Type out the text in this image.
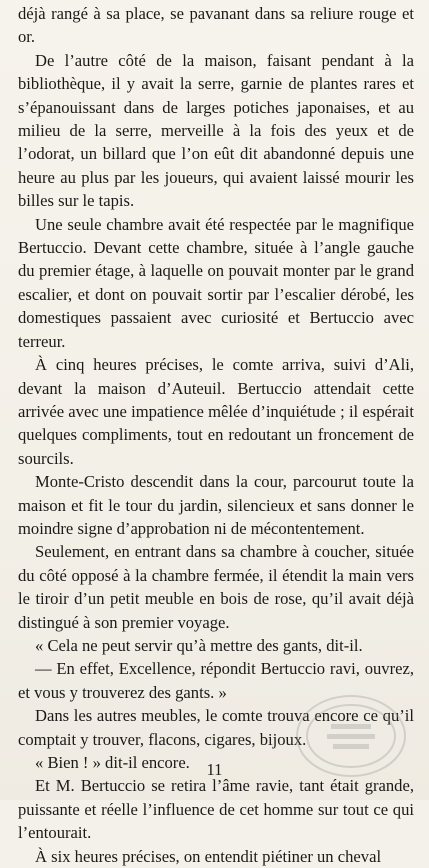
déjà rangé à sa place, se pavanant dans sa reliure rouge et or.

De l’autre côté de la maison, faisant pendant à la bibliothèque, il y avait la serre, garnie de plantes rares et s’épanouissant dans de larges potiches japonaises, et au milieu de la serre, merveille à la fois des yeux et de l’odorat, un billard que l’on eût dit abandonné depuis une heure au plus par les joueurs, qui avaient laissé mourir les billes sur le tapis.

Une seule chambre avait été respectée par le magnifique Bertuccio. Devant cette chambre, située à l’angle gauche du premier étage, à laquelle on pouvait monter par le grand escalier, et dont on pouvait sortir par l’escalier dérobé, les domestiques passaient avec curiosité et Bertuccio avec terreur.

À cinq heures précises, le comte arriva, suivi d’Ali, devant la maison d’Auteuil. Bertuccio attendait cette arrivée avec une impatience mêlée d’inquiétude ; il espérait quelques compliments, tout en redoutant un froncement de sourcils.

Monte-Cristo descendit dans la cour, parcourut toute la maison et fit le tour du jardin, silencieux et sans donner le moindre signe d’approbation ni de mécontentement.

Seulement, en entrant dans sa chambre à coucher, située du côté opposé à la chambre fermée, il étendit la main vers le tiroir d’un petit meuble en bois de rose, qu’il avait déjà distingué à son premier voyage.

« Cela ne peut servir qu’à mettre des gants, dit-il.

— En effet, Excellence, répondit Bertuccio ravi, ouvrez, et vous y trouverez des gants. »

Dans les autres meubles, le comte trouva encore ce qu’il comptait y trouver, flacons, cigares, bijoux.

« Bien ! » dit-il encore.

Et M. Bertuccio se retira l’âme ravie, tant était grande, puissante et réelle l’influence de cet homme sur tout ce qui l’entourait.

À six heures précises, on entendit piétiner un cheval

11
